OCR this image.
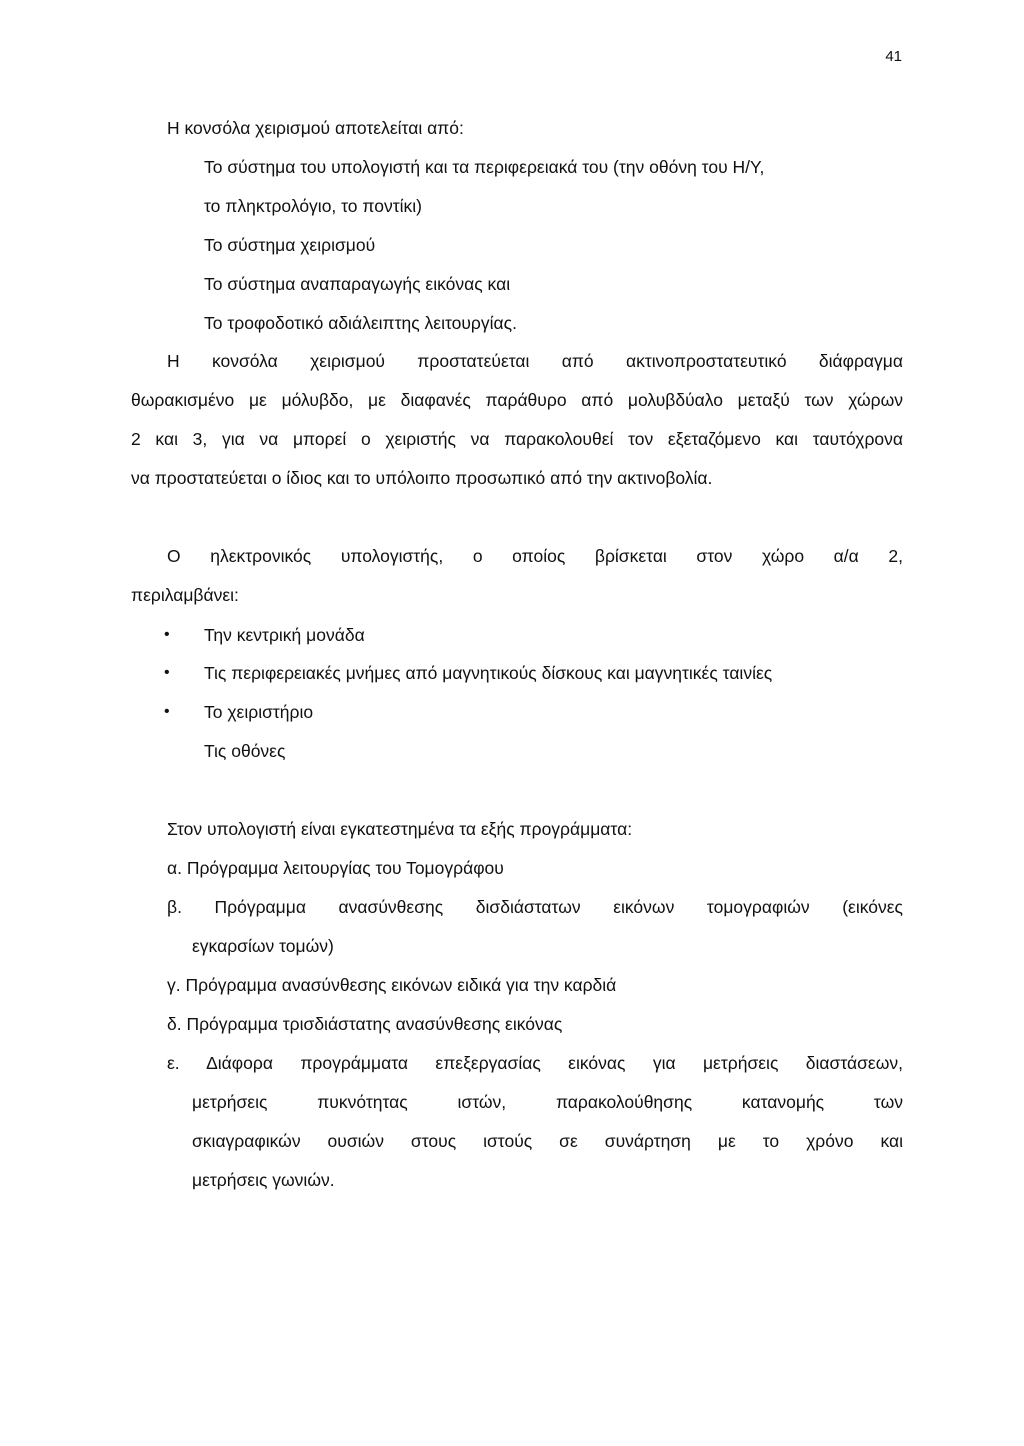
41
Η κονσόλα χειρισμού αποτελείται από:
Το σύστημα του υπολογιστή και τα περιφερειακά του (την οθόνη του Η/Υ,
το πληκτρολόγιο, το ποντίκι)
Το σύστημα χειρισμού
Το σύστημα αναπαραγωγής εικόνας και
Το τροφοδοτικό αδιάλειπτης λειτουργίας.
Η κονσόλα χειρισμού προστατεύεται από ακτινοπροστατευτικό διάφραγμα
θωρακισμένο με μόλυβδο, με διαφανές παράθυρο από μολυβδύαλο μεταξύ των χώρων
2 και 3, για να μπορεί ο χειριστής να παρακολουθεί τον εξεταζόμενο και ταυτόχρονα
να προστατεύεται ο ίδιος και το υπόλοιπο προσωπικό από την ακτινοβολία.
Ο ηλεκτρονικός υπολογιστής, ο οποίος βρίσκεται στον χώρο α/α 2,
περιλαμβάνει:
• Την κεντρική μονάδα
• Τις περιφερειακές μνήμες από μαγνητικούς δίσκους και μαγνητικές ταινίες
• Το χειριστήριο
Τις οθόνες
Στον υπολογιστή είναι εγκατεστημένα τα εξής προγράμματα:
α. Πρόγραμμα λειτουργίας του Τομογράφου
β. Πρόγραμμα ανασύνθεσης δισδιάστατων εικόνων τομογραφιών (εικόνες
εγκαρσίων τομών)
γ. Πρόγραμμα ανασύνθεσης εικόνων ειδικά για την καρδιά
δ. Πρόγραμμα τρισδιάστατης ανασύνθεσης εικόνας
ε. Διάφορα προγράμματα επεξεργασίας εικόνας για μετρήσεις διαστάσεων,
μετρήσεις πυκνότητας ιστών, παρακολούθησης κατανομής των
σκιαγραφικών ουσιών στους ιστούς σε συνάρτηση με το χρόνο και
μετρήσεις γωνιών.
